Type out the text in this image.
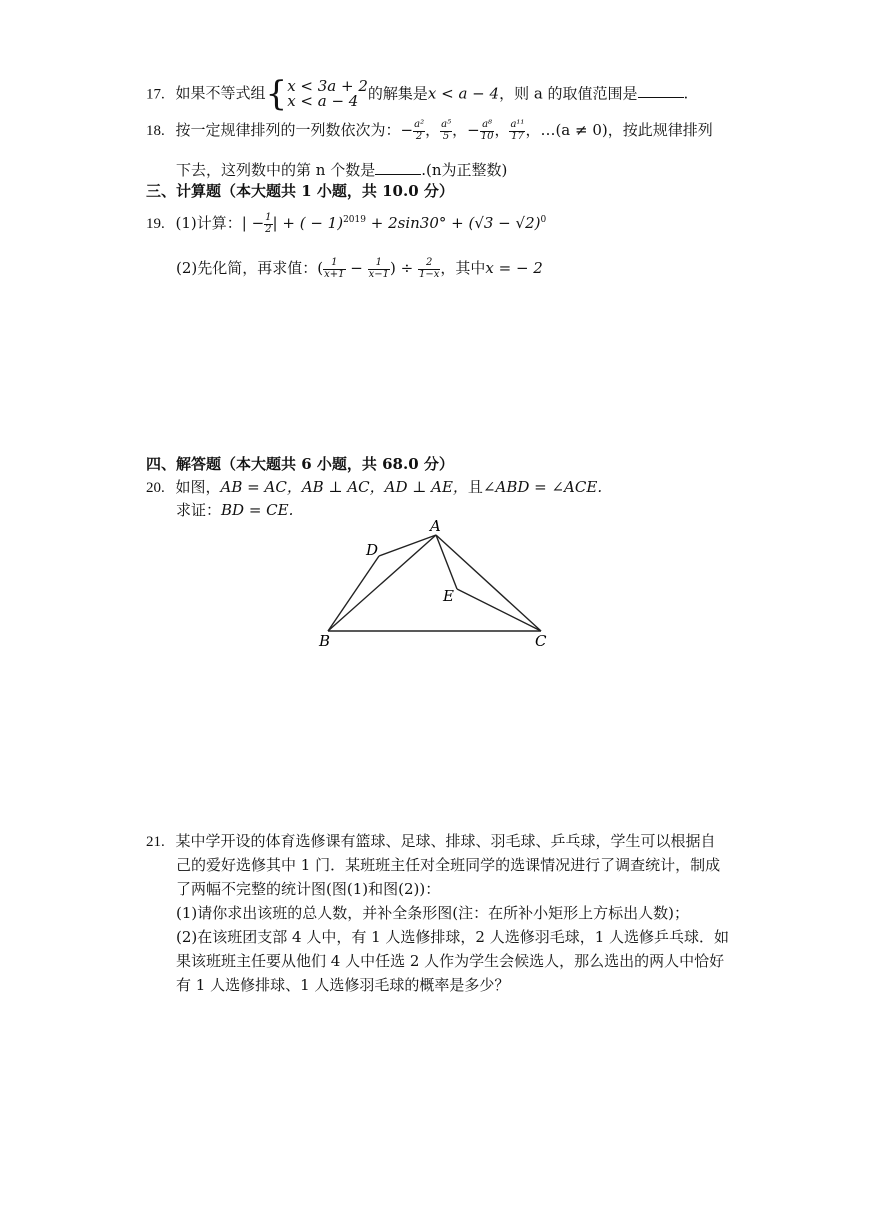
17. 如果不等式组{ x < 3a + 2
x < a − 4 的解集是x < a − 4，则 a 的取值范围是	.
18. 按一定规律排列的一列数依次为：− $\frac{\text{a²}}{2}$ ， $\frac{\text{a⁵}}{5}$ ，− $\frac{\text{a⁸}}{10}$ ， $\frac{\text{a¹¹}}{17}$ ，…(a ≠ 0)，按此规律排列
下去，这列数中的第 n 个数是	.(n为正整数)
三、计算题（本大题共 1 小题，共 10.0 分）
19. (1)计算：| − $\frac{1}{2}$ | + ( − $1)^{2019} + 2\sin 30^\circ + (√3 - √2)^0$
(2)先化简，再求值：( $\frac{1}{x+1} - \frac{1}{x-1}$ ) ÷ $\frac{2}{1-x}$ ，其中x = − 2
四、解答题（本大题共 6 小题，共 68.0 分）
20. 如图，AB = AC，AB ⊥ AC，AD ⊥ AE，且∠ABD = ∠ACE.
求证：BD = CE.
A
D
E
B	C
21. 某中学开设的体育选修课有篮球、足球、排球、羽毛球、乒乓球，学生可以根据自
己的爱好选修其中 1 门．某班班主任对全班同学的选课情况进行了调查统计，制成
了两幅不完整的统计图(图(1)和图(2))：
(1)请你求出该班的总人数，并补全条形图(注：在所补小矩形上方标出人数)；
(2)在该班团支部 4 人中，有 1 人选修排球，2 人选修羽毛球，1 人选修乒乓球．如
果该班班主任要从他们 4 人中任选 2 人作为学生会候选人，那么选出的两人中恰好
有 1 人选修排球、1 人选修羽毛球的概率是多少？
